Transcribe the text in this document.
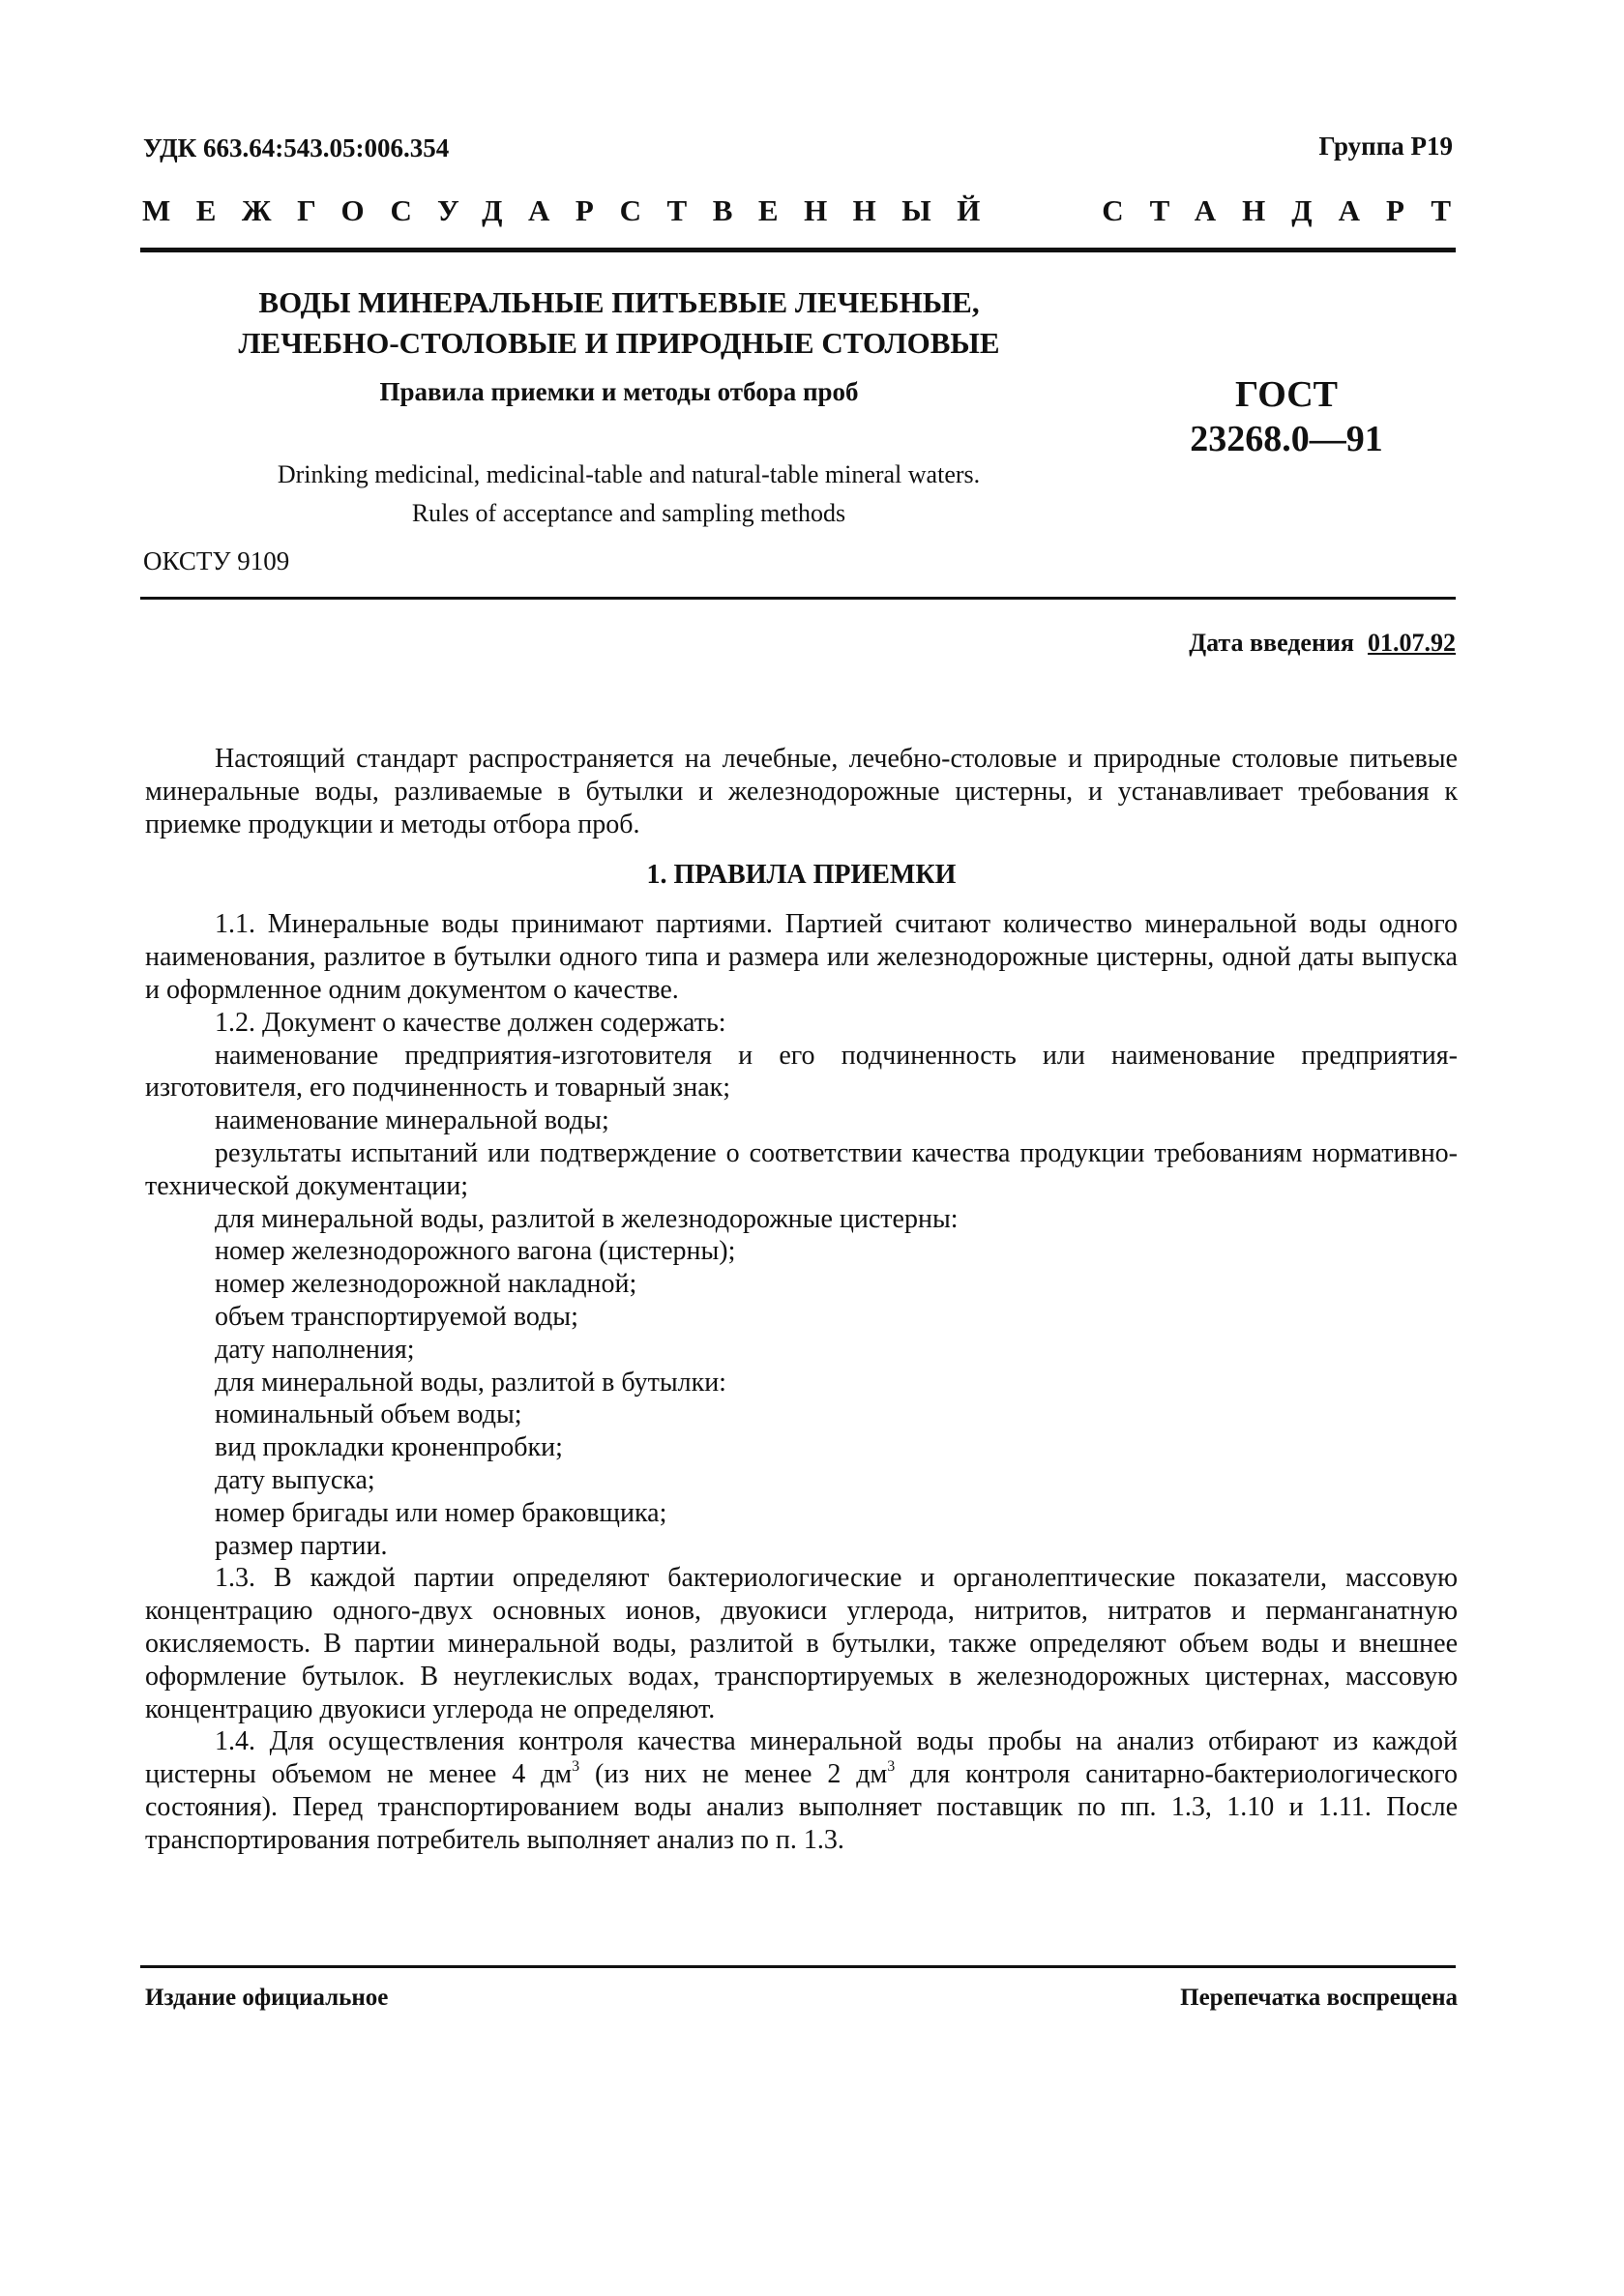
УДК 663.64:543.05:006.354	Группа Р19
МЕЖГОСУДАРСТВЕННЫЙ	СТАНДАРТ
ВОДЫ МИНЕРАЛЬНЫЕ ПИТЬЕВЫЕ ЛЕЧЕБНЫЕ,
ЛЕЧЕБНО-СТОЛОВЫЕ И ПРИРОДНЫЕ СТОЛОВЫЕ
Правила приемки и методы отбора проб	ГОСТ
23268.0—91
Drinking medicinal, medicinal-table and natural-table mineral waters.
Rules of acceptance and sampling methods
ОКСТУ 9109
Дата введения 01.07.92

Настоящий стандарт распространяется на лечебные, лечебно-столовые и природные столовые питьевые минеральные воды, разливаемые в бутылки и железнодорожные цистерны, и устанавливает требования к приемке продукции и методы отбора проб.

1. ПРАВИЛА ПРИЕМКИ

1.1. Минеральные воды принимают партиями. Партией считают количество минеральной воды одного наименования, разлитое в бутылки одного типа и размера или железнодорожные цистерны, одной даты выпуска и оформленное одним документом о качестве.

1.2. Документ о качестве должен содержать:

наименование предприятия-изготовителя и его подчиненность или наименование предприятия-изготовителя, его подчиненность и товарный знак;

наименование минеральной воды;

результаты испытаний или подтверждение о соответствии качества продукции требованиям нормативно-технической документации;

для минеральной воды, разлитой в железнодорожные цистерны:

номер железнодорожного вагона (цистерны);

номер железнодорожной накладной;

объем транспортируемой воды;

дату наполнения;

для минеральной воды, разлитой в бутылки:

номинальный объем воды;

вид прокладки кроненпробки;

дату выпуска;

номер бригады или номер браковщика;

размер партии.

1.3. В каждой партии определяют бактериологические и органолептические показатели, массовую концентрацию одного-двух основных ионов, двуокиси углерода, нитритов, нитратов и перманганатную окисляемость. В партии минеральной воды, разлитой в бутылки, также определяют объем воды и внешнее оформление бутылок. В неуглекислых водах, транспортируемых в железнодорожных цистернах, массовую концентрацию двуокиси углерода не определяют.

1.4. Для осуществления контроля качества минеральной воды пробы на анализ отбирают из каждой цистерны объемом не менее 4 $дм^3$ (из них не менее 2 $дм^3$ для контроля санитарно-бактериологического состояния). Перед транспортированием воды анализ выполняет поставщик по пп. 1.3, 1.10 и 1.11. После транспортирования потребитель выполняет анализ по п. 1.3.

Издание официальное	Перепечатка воспрещена
